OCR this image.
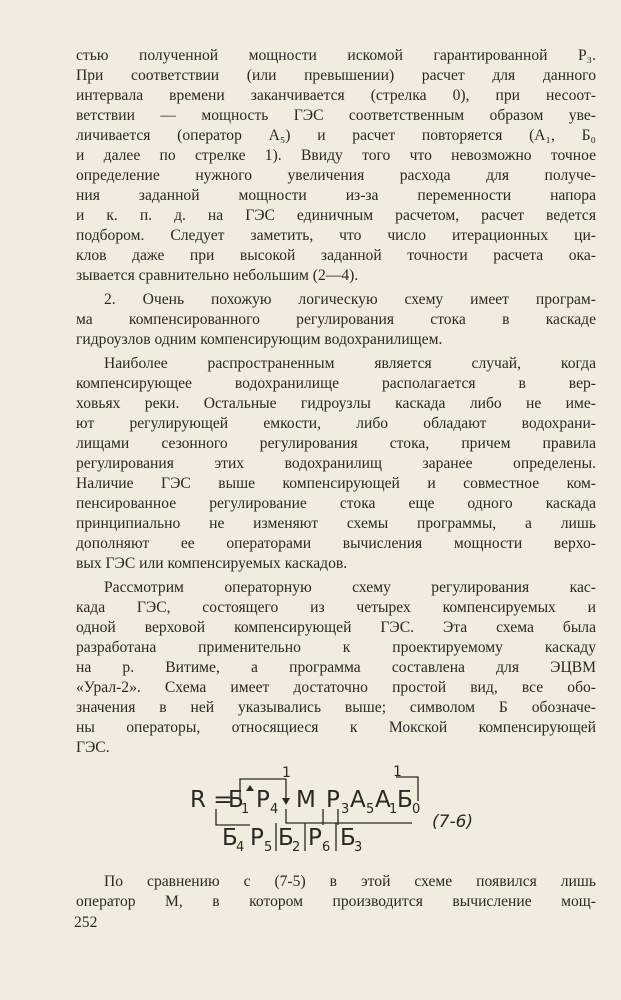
стью полученной мощности искомой гарантированной P₃.
При соответствии (или превышении) расчет для данного
интервала времени заканчивается (стрелка 0), при несоот-
ветствии — мощность ГЭС соответственным образом уве-
личивается (оператор A₅) и расчет повторяется (A₁, Б₀
и далее по стрелке 1). Ввиду того что невозможно точное
определение нужного увеличения расхода для получе-
ния заданной мощности из-за переменности напора
и к. п. д. на ГЭС единичным расчетом, расчет ведется
подбором. Следует заметить, что число итерационных ци-
клов даже при высокой заданной точности расчета ока-
зывается сравнительно небольшим (2—4).
2. Очень похожую логическую схему имеет програм-
ма компенсированного регулирования стока в каскаде
гидроузлов одним компенсирующим водохранилищем.
Наиболее распространенным является случай, когда
компенсирующее водохранилище располагается в вер-
ховьях реки. Остальные гидроузлы каскада либо не име-
ют регулирующей емкости, либо обладают водохрани-
лищами сезонного регулирования стока, причем правила
регулирования этих водохранилищ заранее определены.
Наличие ГЭС выше компенсирующей и совместное ком-
пенсированное регулирование стока еще одного каскада
принципиально не изменяют схемы программы, а лишь
дополняют ее операторами вычисления мощности верхо-
вых ГЭС или компенсируемых каскадов.
Рассмотрим операторную схему регулирования кас-
када ГЭС, состоящего из четырех компенсируемых и
одной верховой компенсирующей ГЭС. Эта схема была
разработана применительно к проектируемому каскаду
на р. Витиме, а программа составлена для ЭЦВМ
«Урал-2». Схема имеет достаточно простой вид, все обо-
значения в ней указывались выше; символом Б обозначе-
ны операторы, относящиеся к Мокской компенсирующей
ГЭС.
R =
Б
1 P 4 M P 3 A 5 A
1 Б 0
1	1
Б
4 P 5 Б
2 P 6 Б
3
(7-6)
По сравнению с (7-5) в этой схеме появился лишь
оператор M, в котором производится вычисление мощ-
252
